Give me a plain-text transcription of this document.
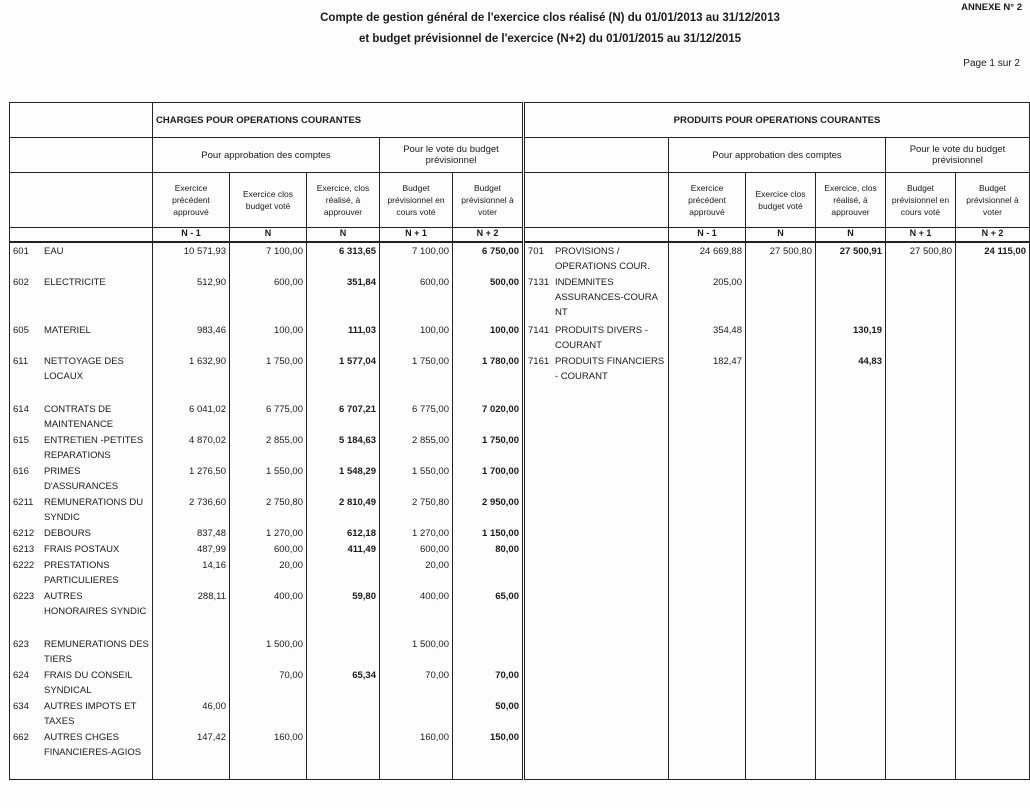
ANNEXE N° 2
Compte de gestion général de l'exercice clos réalisé (N) du 01/01/2013 au 31/12/2013
et budget prévisionnel de l'exercice (N+2) du 01/01/2015 au 31/12/2015
Page 1 sur 2
	CHARGES POUR OPERATIONS COURANTES					PRODUITS POUR OPERATIONS COURANTES					
	Pour approbation des comptes			Pour le vote du budget prévisionnel			Pour approbation des comptes			Pour le vote du budget prévisionnel	
	Exercice précédent approuvé	Exercice clos budget voté	Exercice, clos réalisé, à approuver	Budget prévisionnel en cours voté	Budget prévisionnel à voter		Exercice précédent approuvé	Exercice clos budget voté	Exercice, clos réalisé, à approuver	Budget prévisionnel en cours voté	Budget prévisionnel à voter
	N - 1	N	N	N + 1	N + 2		N - 1	N	N	N + 1	N + 2

601 EAU	10 571,93	7 100,00	6 313,65	7 100,00	6 750,00	701 PROVISIONS / OPERATIONS COUR.	24 669,88	27 500,80	27 500,91	27 500,80	24 115,00

602 ELECTRICITE	512,90	600,00	351,84	600,00	500,00	7131 INDEMNITES ASSURANCES-COURA NT	205,00				

605 MATERIEL	983,46	100,00	111,03	100,00	100,00	7141 PRODUITS DIVERS -COURANT	354,48		130,19		

611 NETTOYAGE DES LOCAUX	1 632,90	1 750,00	1 577,04	1 750,00	1 780,00	7161 PRODUITS FINANCIERS - COURANT	182,47		44,83		

614 CONTRATS DE MAINTENANCE	6 041,02	6 775,00	6 707,21	6 775,00	7 020,00						

615 ENTRETIEN -PETITES REPARATIONS	4 870,02	2 855,00	5 184,63	2 855,00	1 750,00						

616 PRIMES D'ASSURANCES	1 276,50	1 550,00	1 548,29	1 550,00	1 700,00						

6211 REMUNERATIONS DU SYNDIC	2 736,60	2 750,80	2 810,49	2 750,80	2 950,00						

6212 DEBOURS	837,48	1 270,00	612,18	1 270,00	1 150,00						

6213 FRAIS POSTAUX	487,99	600,00	411,49	600,00	80,00						

6222 PRESTATIONS PARTICULIERES	14,16	20,00		20,00							

6223 AUTRES HONORAIRES SYNDIC	288,11	400,00	59,80	400,00	65,00						

623 REMUNERATIONS DES TIERS		1 500,00		1 500,00							

624 FRAIS DU CONSEIL SYNDICAL		70,00	65,34	70,00	70,00						

634 AUTRES IMPOTS ET TAXES	46,00				50,00						

662 AUTRES CHGES FINANCIERES-AGIOS	147,42	160,00		160,00	150,00						
